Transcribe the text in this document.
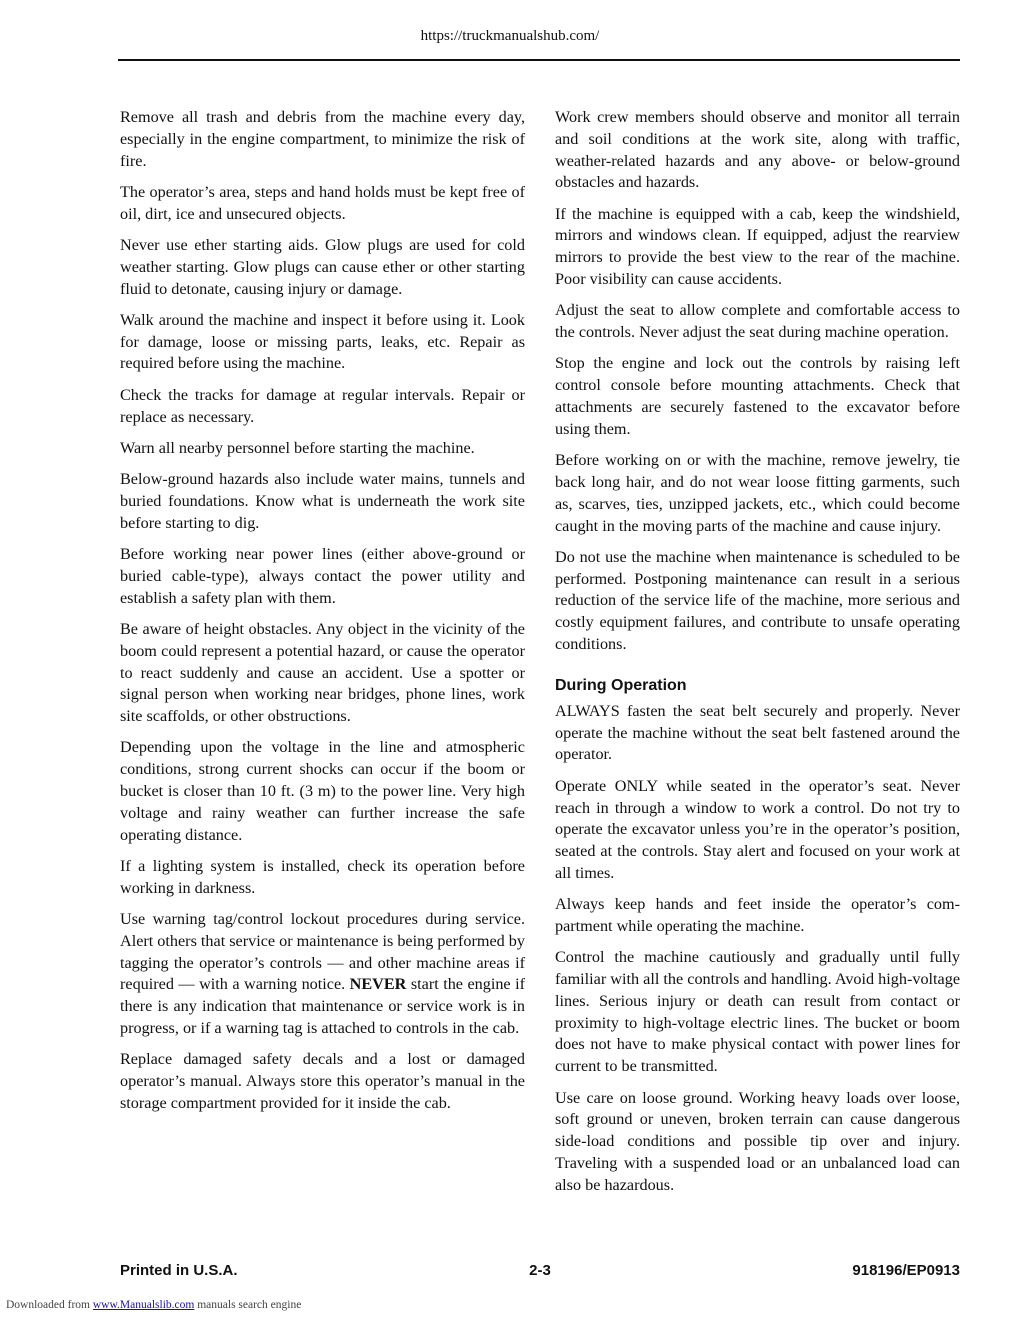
https://truckmanualshub.com/

Remove all trash and debris from the machine every day, especially in the engine compartment, to minimize the risk of fire.

The operator’s area, steps and hand holds must be kept free of oil, dirt, ice and unsecured objects.

Never use ether starting aids. Glow plugs are used for cold weather starting. Glow plugs can cause ether or other starting fluid to detonate, causing injury or damage.

Walk around the machine and inspect it before using it. Look for damage, loose or missing parts, leaks, etc. Repair as required before using the machine.

Check the tracks for damage at regular intervals. Repair or replace as necessary.

Warn all nearby personnel before starting the machine.

Below-ground hazards also include water mains, tunnels and buried foundations. Know what is underneath the work site before starting to dig.

Before working near power lines (either above-ground or buried cable-type), always contact the power utility and establish a safety plan with them.

Be aware of height obstacles. Any object in the vicinity of the boom could represent a potential hazard, or cause the operator to react suddenly and cause an accident. Use a spotter or signal person when working near bridges, phone lines, work site scaffolds, or other obstructions.

Depending upon the voltage in the line and atmospheric conditions, strong current shocks can occur if the boom or bucket is closer than 10 ft. (3 m) to the power line. Very high voltage and rainy weather can further increase the safe operating distance.

If a lighting system is installed, check its operation before working in darkness.

Use warning tag/control lockout procedures during service. Alert others that service or maintenance is being performed by tagging the operator’s controls — and other machine areas if required — with a warning notice. NEVER start the engine if there is any indication that maintenance or service work is in progress, or if a warning tag is attached to controls in the cab.

Replace damaged safety decals and a lost or damaged operator’s manual. Always store this operator’s manual in the storage compartment provided for it inside the cab.

Work crew members should observe and monitor all terrain and soil conditions at the work site, along with traffic, weather-related hazards and any above- or below-ground obstacles and hazards.

If the machine is equipped with a cab, keep the windshield, mirrors and windows clean. If equipped, adjust the rearview mirrors to provide the best view to the rear of the machine. Poor visibility can cause accidents.

Adjust the seat to allow complete and comfortable access to the controls. Never adjust the seat during machine operation.

Stop the engine and lock out the controls by raising left control console before mounting attachments. Check that attachments are securely fastened to the excavator before using them.

Before working on or with the machine, remove jewelry, tie back long hair, and do not wear loose fitting garments, such as, scarves, ties, unzipped jackets, etc., which could become caught in the moving parts of the machine and cause injury.

Do not use the machine when maintenance is scheduled to be performed. Postponing maintenance can result in a serious reduction of the service life of the machine, more serious and costly equipment failures, and contribute to unsafe operating conditions.

During Operation

ALWAYS fasten the seat belt securely and properly. Never operate the machine without the seat belt fastened around the operator.

Operate ONLY while seated in the operator’s seat. Never reach in through a window to work a control. Do not try to operate the excavator unless you’re in the operator’s position, seated at the controls. Stay alert and focused on your work at all times.

Always keep hands and feet inside the operator’s compartment while operating the machine.

Control the machine cautiously and gradually until fully familiar with all the controls and handling. Avoid high-voltage lines. Serious injury or death can result from contact or proximity to high-voltage electric lines. The bucket or boom does not have to make physical contact with power lines for current to be transmitted.

Use care on loose ground. Working heavy loads over loose, soft ground or uneven, broken terrain can cause dangerous side-load conditions and possible tip over and injury. Traveling with a suspended load or an unbalanced load can also be hazardous.

Printed in U.S.A.	2-3	918196/EP0913
Downloaded from www.Manualslib.com manuals search engine
